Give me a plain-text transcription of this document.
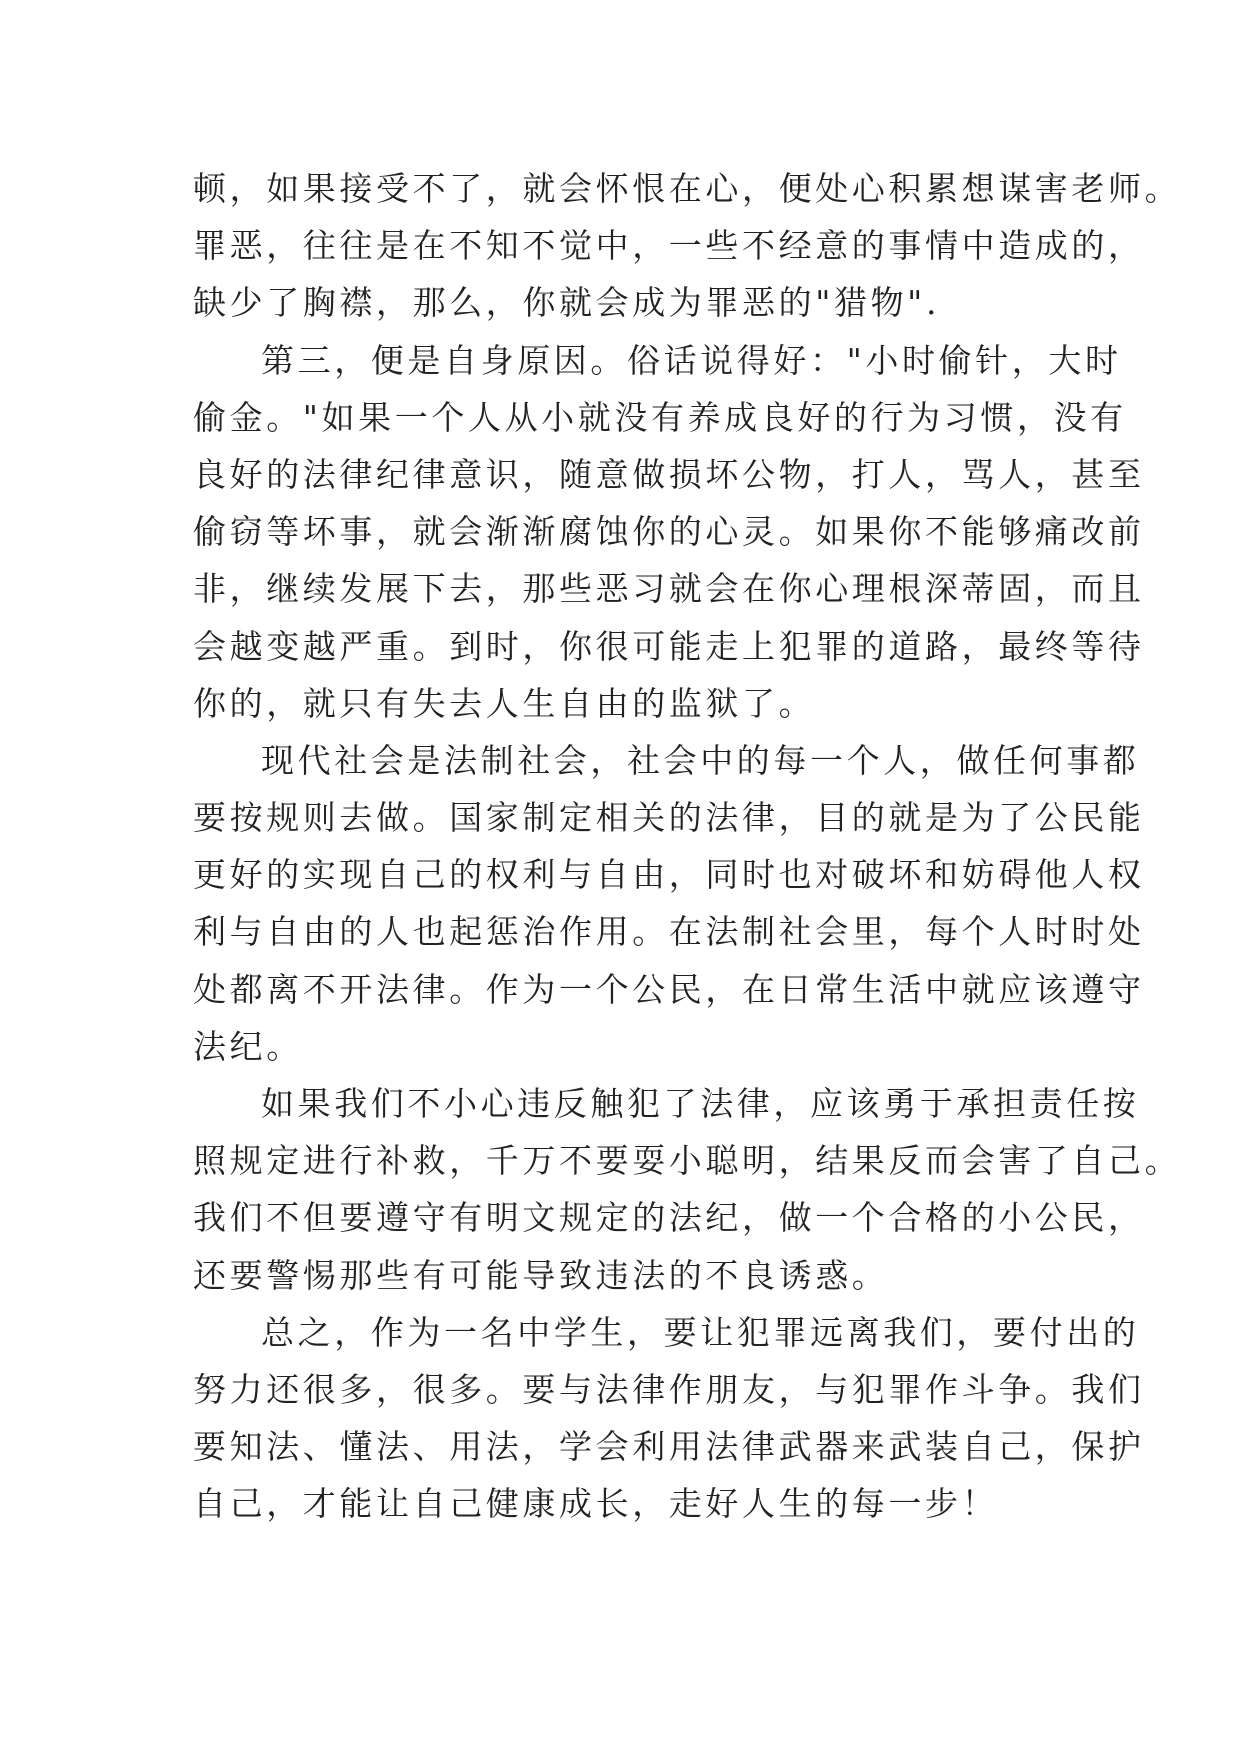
顿，如果接受不了，就会怀恨在心，便处心积累想谋害老师。
罪恶，往往是在不知不觉中，一些不经意的事情中造成的，
缺少了胸襟，那么，你就会成为罪恶的"猎物".
第三，便是自身原因。俗话说得好："小时偷针，大时
偷金。"如果一个人从小就没有养成良好的行为习惯，没有
良好的法律纪律意识，随意做损坏公物，打人，骂人，甚至
偷窃等坏事，就会渐渐腐蚀你的心灵。如果你不能够痛改前
非，继续发展下去，那些恶习就会在你心理根深蒂固，而且
会越变越严重。到时，你很可能走上犯罪的道路，最终等待
你的，就只有失去人生自由的监狱了。
现代社会是法制社会，社会中的每一个人，做任何事都
要按规则去做。国家制定相关的法律，目的就是为了公民能
更好的实现自己的权利与自由，同时也对破坏和妨碍他人权
利与自由的人也起惩治作用。在法制社会里，每个人时时处
处都离不开法律。作为一个公民，在日常生活中就应该遵守
法纪。
如果我们不小心违反触犯了法律，应该勇于承担责任按
照规定进行补救，千万不要耍小聪明，结果反而会害了自己。
我们不但要遵守有明文规定的法纪，做一个合格的小公民，
还要警惕那些有可能导致违法的不良诱惑。
总之，作为一名中学生，要让犯罪远离我们，要付出的
努力还很多，很多。要与法律作朋友，与犯罪作斗争。我们
要知法、懂法、用法，学会利用法律武器来武装自己，保护
自己，才能让自己健康成长，走好人生的每一步！
